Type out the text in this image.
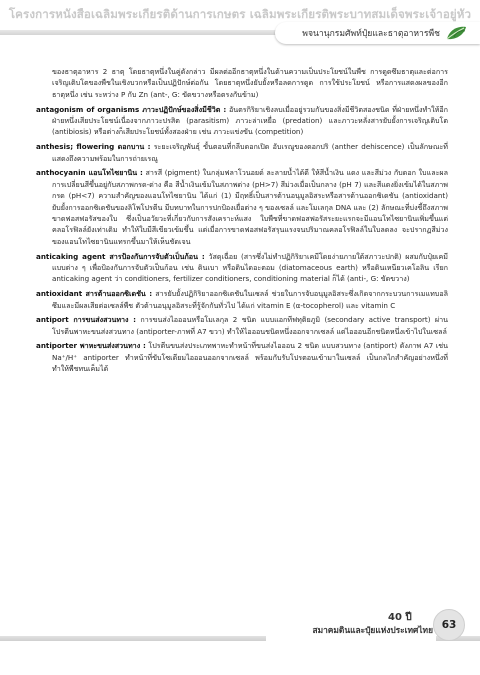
โครงการหนังสือเฉลิมพระเกียรติด้านการเกษตร เฉลิมพระเกียรติพระบาทสมเด็จพระเจ้าอยู่หัว
พจนานุกรมศัพท์ปุ๋ยและธาตุอาหารพืช

ของธาตุอาหาร 2 ธาตุ โดยธาตุหนึ่งในคู่ดังกล่าว มีผลต่ออีกธาตุหนึ่งในด้านความเป็นประโยชน์ในพืช การดูดซึมธาตุและต่อการเจริญเติบโตของพืชในเชิงบวกหรือเป็นปฏิปักษ์ต่อกัน โดยธาตุหนึ่งยับยั้งหรือลดการดูด การใช้ประโยชน์ หรือการแสดงผลของอีกธาตุหนึ่ง เช่น ระหว่าง P กับ Zn (ant-, G: ขัดขวางหรือตรงกันข้าม)

antagonism of organisms ภาวะปฏิปักษ์ของสิ่งมีชีวิต : อันตรกิริยาเชิงลบเมื่ออยู่รวมกันของสิ่งมีชีวิตสองชนิด ที่ฝ่ายหนึ่งทำให้อีกฝ่ายหนึ่งเสียประโยชน์เนื่องจากภาวะปรสิต (parasitism) ภาวะล่าเหยื่อ (predation) และภาวะหลั่งสารยับยั้งการเจริญเติบโต (antibiosis) หรือต่างก็เสียประโยชน์ทั้งสองฝ่าย เช่น ภาวะแข่งขัน (competition)

anthesis; flowering ดอกบาน : ระยะเจริญพันธุ์ ขั้นตอนที่กลีบดอกเปิด อับเรณูของดอกปริ (anther dehiscence) เป็นลักษณะที่แสดงถึงความพร้อมในการถ่ายเรณู

anthocyanin แอนโทไซยานิน : สารสี (pigment) ในกลุ่มฟลาโวนอยด์ ละลายน้ำได้ดี ให้สีน้ำเงิน แดง และสีม่วง กับดอก ใบและผล การเปลี่ยนสีขึ้นอยู่กับสภาพกรด-ด่าง คือ สีน้ำเงินเข้มในสภาพด่าง (pH>7) สีม่วงเมื่อเป็นกลาง (pH 7) และสีแดงยิ่งเข้มได้ในสภาพกรด (pH<7) ความสำคัญของแอนโทไซยานิน ได้แก่ (1) มีฤทธิ์เป็นสารต้านอนุมูลอิสระหรือสารต้านออกซิเดชัน (antioxidant) ยับยั้งการออกซิเดชันของลิโพโปรตีน มีบทบาทในการปกป้องเยื่อต่าง ๆ ของเซลล์ และโมเลกุล DNA และ (2) ลักษณะที่บ่งชี้ถึงสภาพขาดฟอสฟอรัสของใบ ซึ่งเป็นอวัยวะที่เกี่ยวกับการสังเคราะห์แสง ใบพืชที่ขาดฟอสฟอรัสระยะแรกจะมีแอนโทไซยานินเพิ่มขึ้นแต่คลอโรฟิลล์ยังเท่าเดิม ทำให้ใบมีสีเขียวเข้มขึ้น แต่เมื่อการขาดฟอสฟอรัสรุนแรงจนปริมาณคลอโรฟิลล์ในใบลดลง จะปรากฏสีม่วงของแอนโทไซยานินแทรกขึ้นมาให้เห็นชัดเจน

anticaking agent สารป้องกันการจับตัวเป็นก้อน : วัสดุเฉื่อย (สารซึ่งไม่ทำปฏิกิริยาเคมีโดยง่ายภายใต้สภาวะปกติ) ผสมกับปุ๋ยเคมีแบบต่าง ๆ เพื่อป้องกันการจับตัวเป็นก้อน เช่น ดินเบา หรือดินไดอะตอม (diatomaceous earth) หรือดินเหนียวเคโอลิน เรียก anticaking agent ว่า conditioners, fertilizer conditioners, conditioning material ก็ได้ (anti-, G: ขัดขวาง)

antioxidant สารต้านออกซิเดชัน : สารยับยั้งปฏิกิริยาออกซิเดชันในเซลล์ ช่วยในการจับอนุมูลอิสระซึ่งเกิดจากกระบวนการเมแทบอลิซึมและมีผลเสียต่อเซลล์พืช ตัวต้านอนุมูลอิสระที่รู้จักกันทั่วไป ได้แก่ vitamin E (α-tocopherol) และ vitamin C

antiport การขนส่งสวนทาง : การขนส่งไอออนหรือโมเลกุล 2 ชนิด แบบแอกทีฟทุติยภูมิ (secondary active transport) ผ่านโปรตีนพาหะขนส่งสวนทาง (antiporter-ภาพที่ A7 ขวา) ทำให้ไอออนชนิดหนึ่งออกจากเซลล์ แต่ไอออนอีกชนิดหนึ่งเข้าไปในเซลล์

antiporter พาหะขนส่งสวนทาง : โปรตีนขนส่งประเภทพาหะทำหน้าที่ขนส่งไอออน 2 ชนิด แบบสวนทาง (antiport) ดังภาพ A7 เช่น Na⁺/H⁺ antiporter ทำหน้าที่ขับโซเดียมไอออนออกจากเซลล์ พร้อมกับรับโปรตอนเข้ามาในเซลล์ เป็นกลไกสำคัญอย่างหนึ่งที่ทำให้พืชทนเค็มได้

40 ปี
สมาคมดินและปุ๋ยแห่งประเทศไทย 63
